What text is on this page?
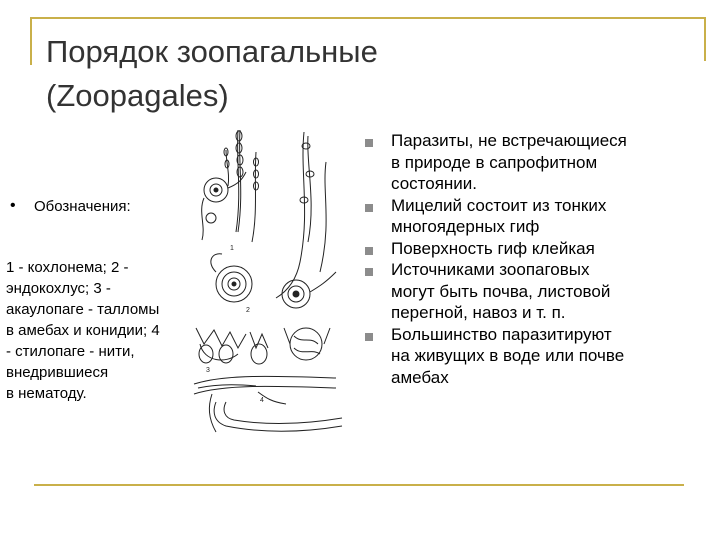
Порядок зоопагальные
(Zoopagales)
• Обозначения:
1 - кохлонема; 2 -
эндокохлус; 3 -
акаулопаге - талломы
в амебах и конидии; 4
- стилопаге - нити,
внедрившиеся
в нематоду.
1
2
3
4
Паразиты, не встречающиеся
в природе в сапрофитном
состоянии.
Мицелий состоит из тонких
многоядерных гиф
Поверхность гиф клейкая
Источниками зоопаговых
могут быть почва, листовой
перегной, навоз и т. п.
Большинство паразитируют
на живущих в воде или почве
амебах
